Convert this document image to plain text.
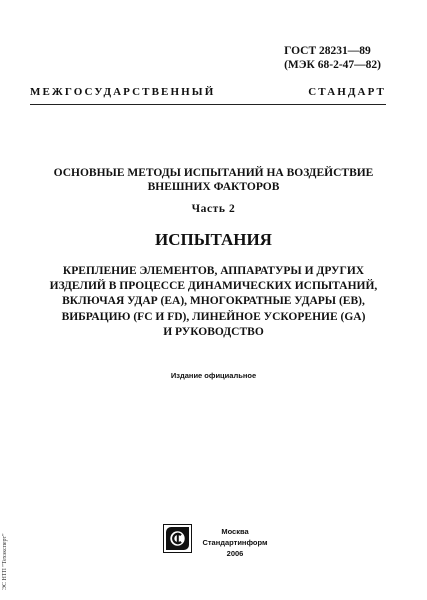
ГОСТ 28231—89
(МЭК 68-2-47—82)
МЕЖГОСУДАРСТВЕННЫЙ СТАНДАРТ
ОСНОВНЫЕ МЕТОДЫ ИСПЫТАНИЙ НА ВОЗДЕЙСТВИЕ
ВНЕШНИХ ФАКТОРОВ
Часть 2
ИСПЫТАНИЯ
КРЕПЛЕНИЕ ЭЛЕМЕНТОВ, АППАРАТУРЫ И ДРУГИХ
ИЗДЕЛИЙ В ПРОЦЕССЕ ДИНАМИЧЕСКИХ ИСПЫТАНИЙ,
ВКЛЮЧАЯ УДАР (ЕА), МНОГОКРАТНЫЕ УДАРЫ (ЕВ),
ВИБРАЦИЮ (FC И FD), ЛИНЕЙНОЕ УСКОРЕНИЕ (GA)
И РУКОВОДСТВО
Издание официальное
Москва
Стандартинформ
2006
ЭС НТП "Техэксперт"
